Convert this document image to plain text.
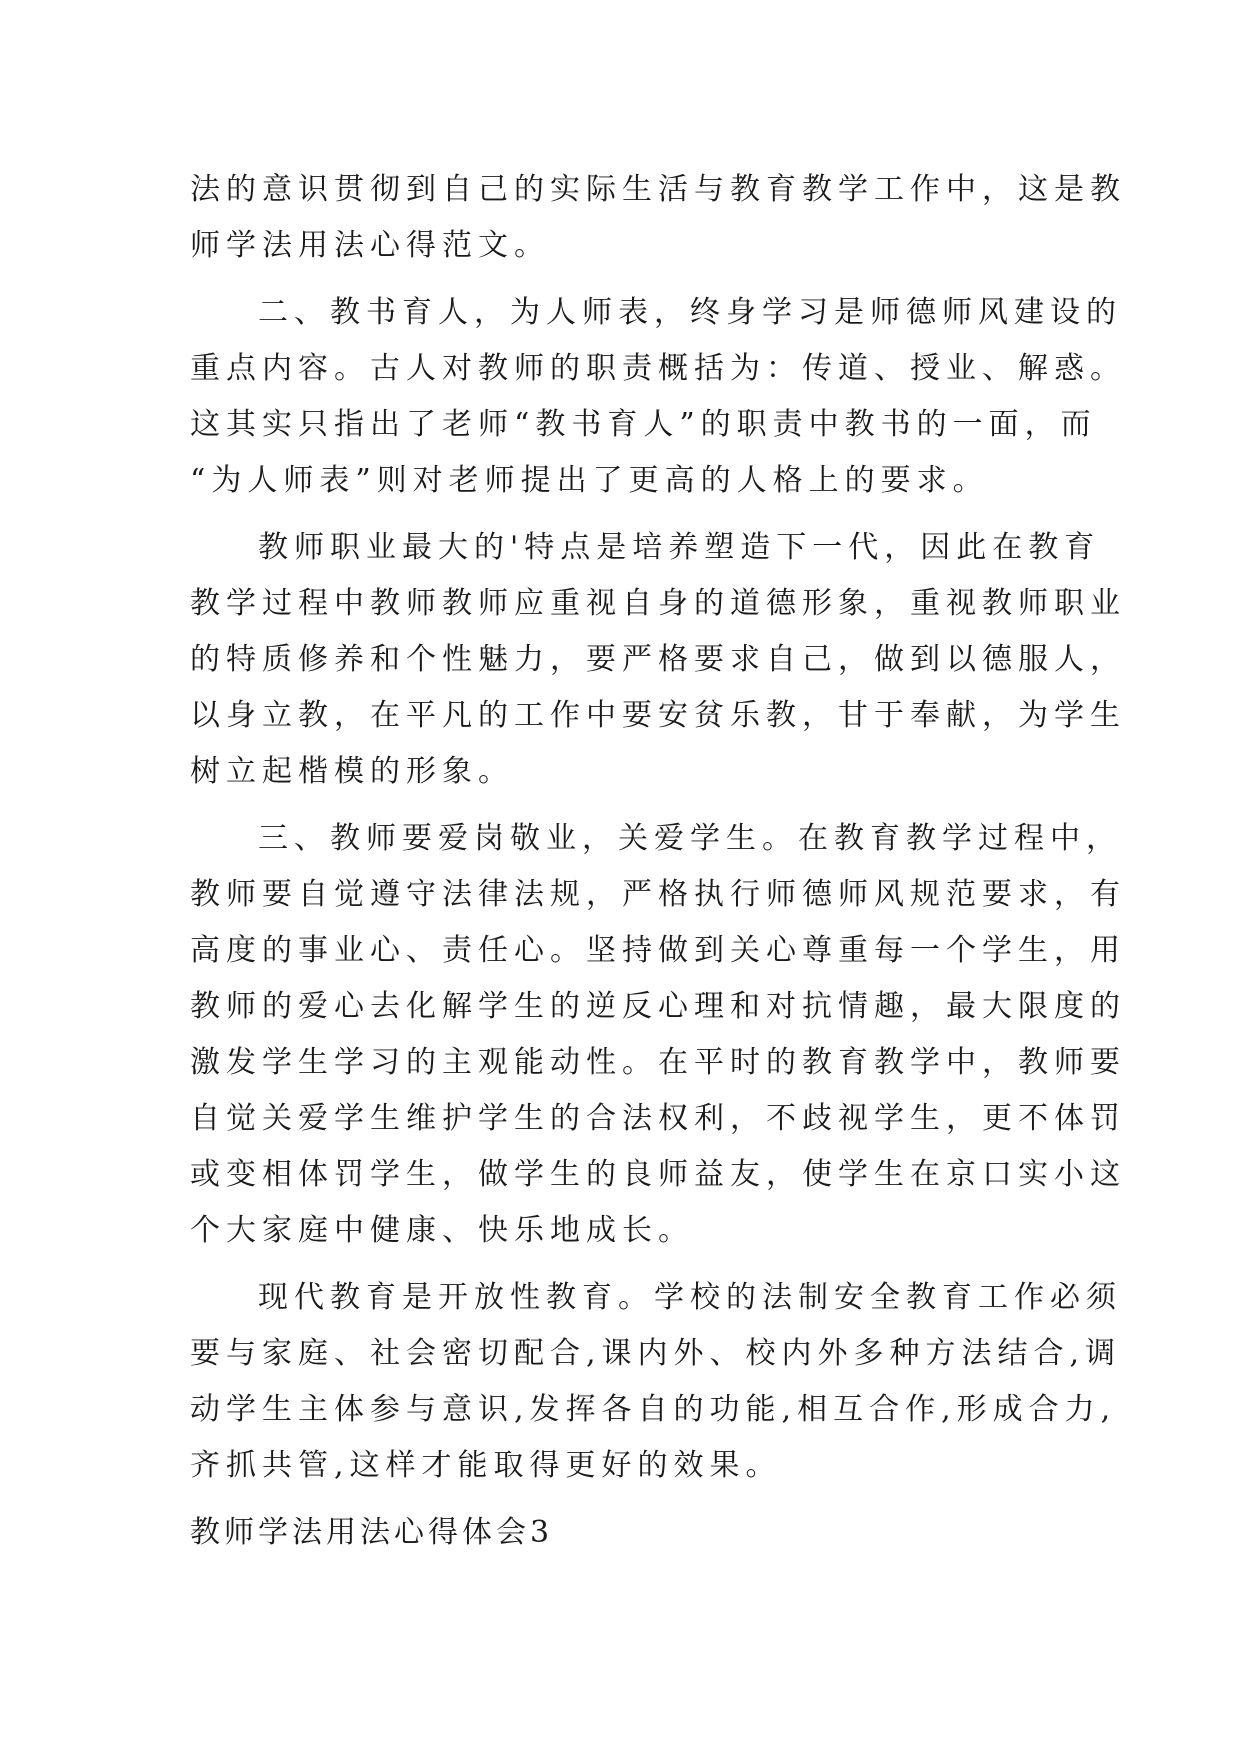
法的意识贯彻到自己的实际生活与教育教学工作中，这是教
师学法用法心得范文。

二、教书育人，为人师表，终身学习是师德师风建设的
重点内容。古人对教师的职责概括为：传道、授业、解惑。
这其实只指出了老师“教书育人”的职责中教书的一面，而
“为人师表”则对老师提出了更高的人格上的要求。

教师职业最大的'特点是培养塑造下一代，因此在教育
教学过程中教师教师应重视自身的道德形象，重视教师职业
的特质修养和个性魅力，要严格要求自己，做到以德服人，
以身立教，在平凡的工作中要安贫乐教，甘于奉献，为学生
树立起楷模的形象。

三、教师要爱岗敬业，关爱学生。在教育教学过程中，
教师要自觉遵守法律法规，严格执行师德师风规范要求，有
高度的事业心、责任心。坚持做到关心尊重每一个学生，用
教师的爱心去化解学生的逆反心理和对抗情趣，最大限度的
激发学生学习的主观能动性。在平时的教育教学中，教师要
自觉关爱学生维护学生的合法权利，不歧视学生，更不体罚
或变相体罚学生，做学生的良师益友，使学生在京口实小这
个大家庭中健康、快乐地成长。

现代教育是开放性教育。学校的法制安全教育工作必须
要与家庭、社会密切配合,课内外、校内外多种方法结合,调
动学生主体参与意识,发挥各自的功能,相互合作,形成合力,
齐抓共管,这样才能取得更好的效果。

教师学法用法心得体会3
